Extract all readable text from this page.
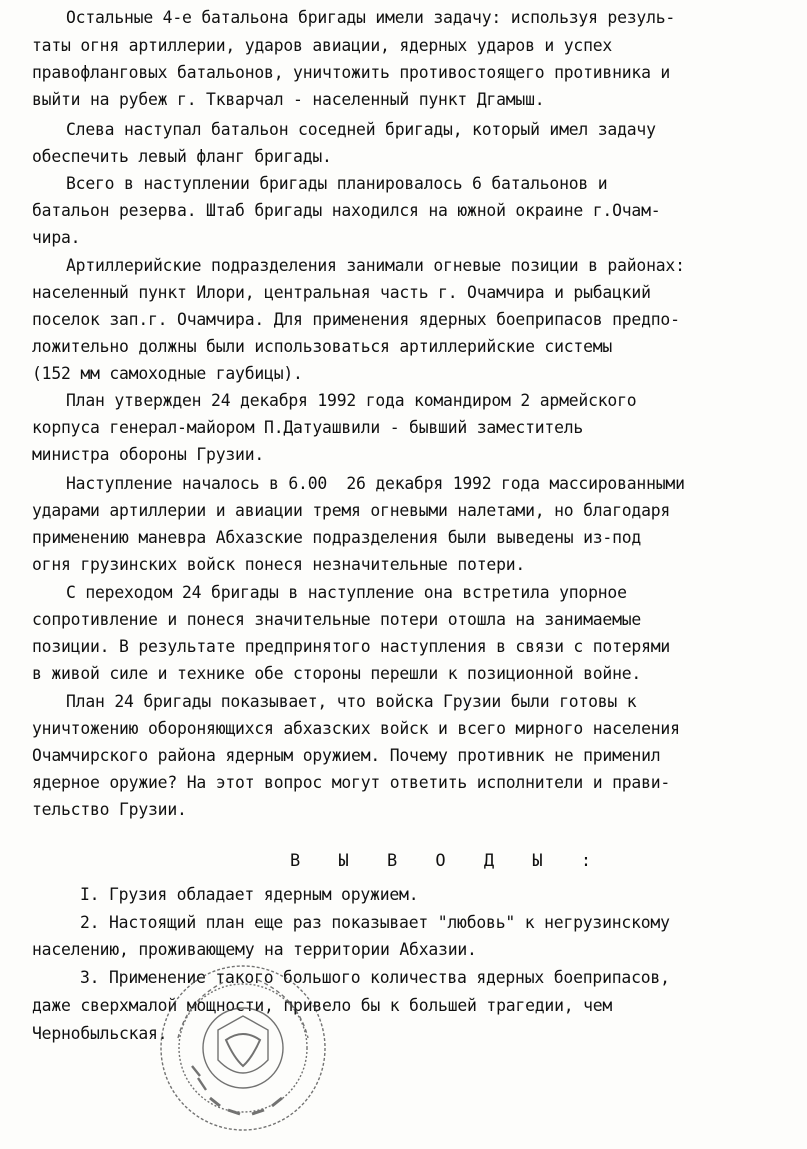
Остальные 4-е батальона бригады имели задачу: используя резуль-
таты огня артиллерии, ударов авиации, ядерных ударов и успех
правофланговых батальонов, уничтожить противостоящего противника и
выйти на рубеж г. Ткварчал - населенный пункт Дгамыш.
Слева наступал батальон соседней бригады, который имел задачу
обеспечить левый фланг бригады.
Всего в наступлении бригады планировалось 6 батальонов и
батальон резерва. Штаб бригады находился на южной окраине г.Очам-
чира.
Артиллерийские подразделения занимали огневые позиции в районах:
населенный пункт Илори, центральная часть г. Очамчира и рыбацкий
поселок зап.г. Очамчира. Для применения ядерных боеприпасов предпо-
ложительно должны были использоваться артиллерийские системы
(152 мм самоходные гаубицы).
План утвержден 24 декабря 1992 года командиром 2 армейского
корпуса генерал-майором П.Датуашвили - бывший заместитель
министра обороны Грузии.
Наступление началось в 6.00  26 декабря 1992 года массированными
ударами артиллерии и авиации тремя огневыми налетами, но благодаря
применению маневра Абхазские подразделения были выведены из-под
огня грузинских войск понеся незначительные потери.
С переходом 24 бригады в наступление она встретила упорное
сопротивление и понеся значительные потери отошла на занимаемые
позиции. В результате предпринятого наступления в связи с потерями
в живой силе и технике обе стороны перешли к позиционной войне.
План 24 бригады показывает, что войска Грузии были готовы к
уничтожению обороняющихся абхазских войск и всего мирного населения
Очамчирского района ядерным оружием. Почему противник не применил
ядерное оружие? На этот вопрос могут ответить исполнители и прави-
тельство Грузии.
В Ы В О Д Ы :
I. Грузия обладает ядерным оружием.
2. Настоящий план еще раз показывает "любовь" к негрузинскому
населению, проживающему на территории Абхазии.
3. Применение такого большого количества ядерных боеприпасов,
даже сверхмалой мощности, привело бы к большей трагедии, чем
Чернобыльская.
